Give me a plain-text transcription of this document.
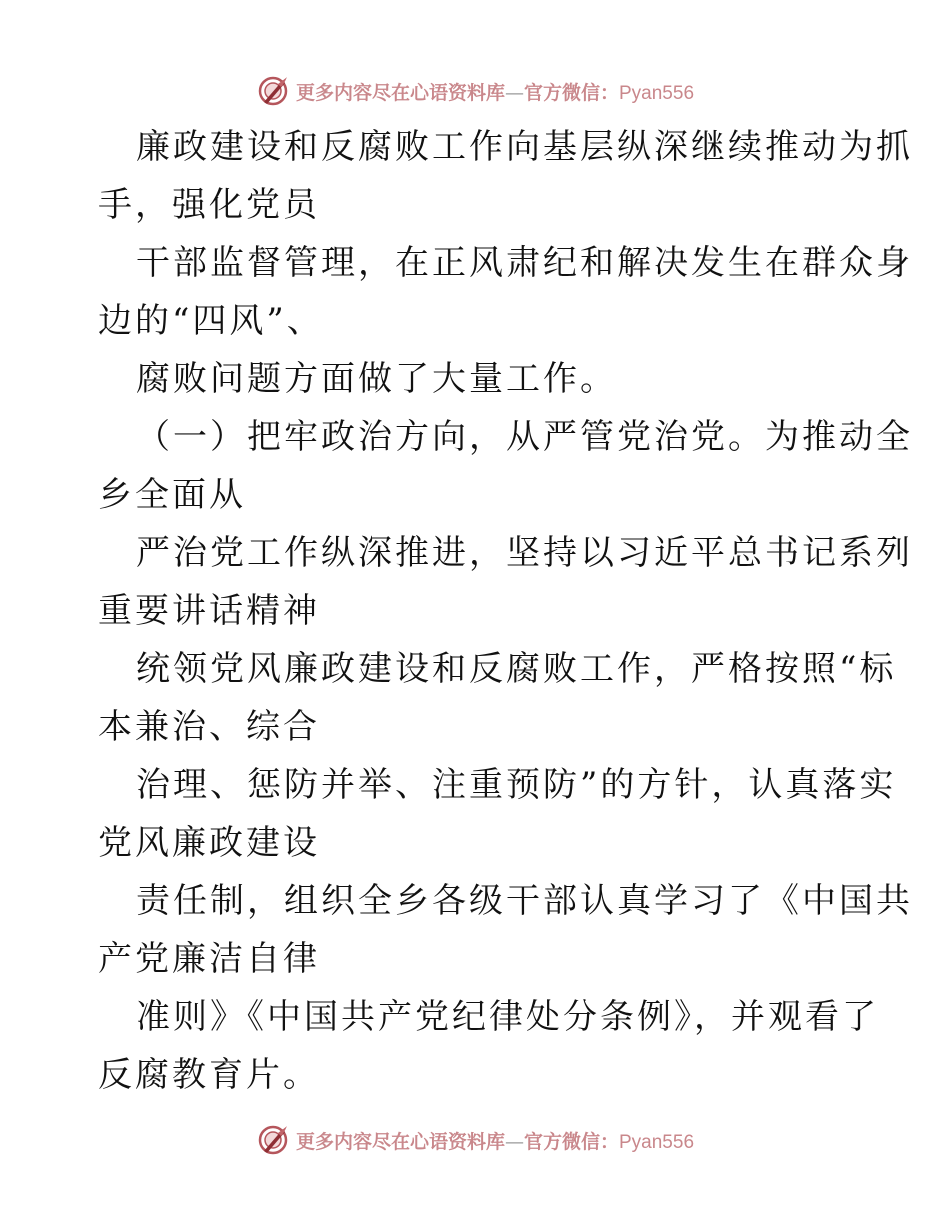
更多内容尽在心语资料库—官方微信：Pyan556
廉政建设和反腐败工作向基层纵深继续推动为抓
手，强化党员
干部监督管理，在正风肃纪和解决发生在群众身
边的“四风”、
腐败问题方面做了大量工作。
（一）把牢政治方向，从严管党治党。为推动全
乡全面从
严治党工作纵深推进，坚持以习近平总书记系列
重要讲话精神
统领党风廉政建设和反腐败工作，严格按照“标
本兼治、综合
治理、惩防并举、注重预防”的方针，认真落实
党风廉政建设
责任制，组织全乡各级干部认真学习了《中国共
产党廉洁自律
准则》《中国共产党纪律处分条例》，并观看了
反腐教育片。
更多内容尽在心语资料库—官方微信：Pyan556
